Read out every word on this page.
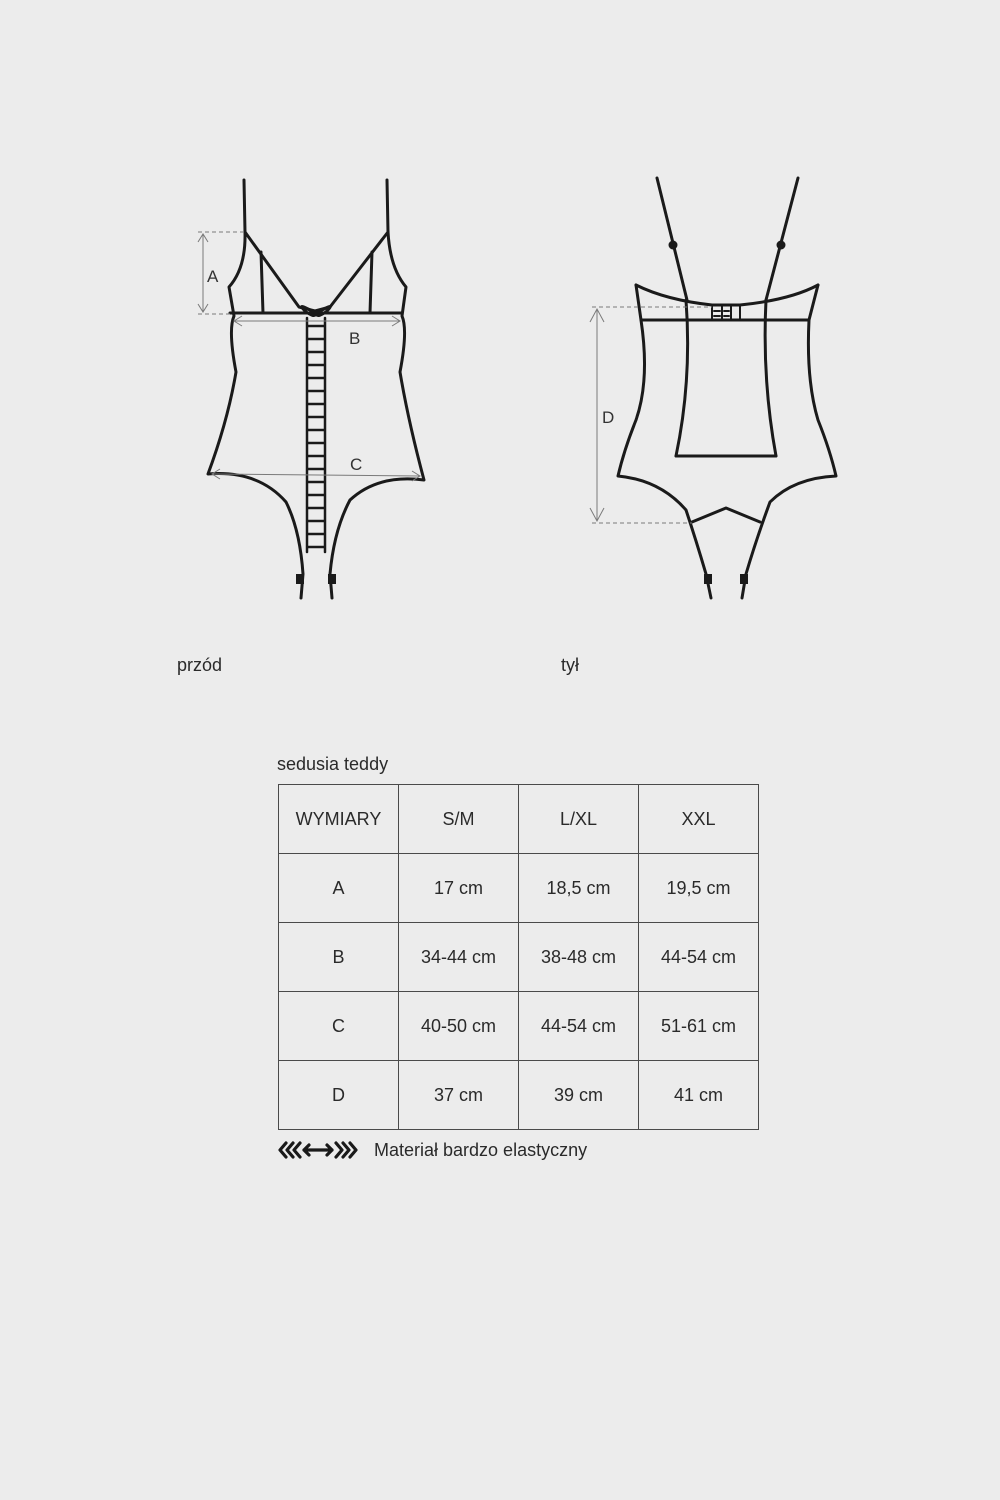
A
B
C
D
przód	tył
sedusia teddy
WYMIARY	S/M	L/XL	XXL
A	17 cm	18,5 cm	19,5 cm
B	34-44 cm	38-48 cm	44-54 cm
C	40-50 cm	44-54 cm	51-61 cm
D	37 cm	39 cm	41 cm
Materiał bardzo elastyczny
